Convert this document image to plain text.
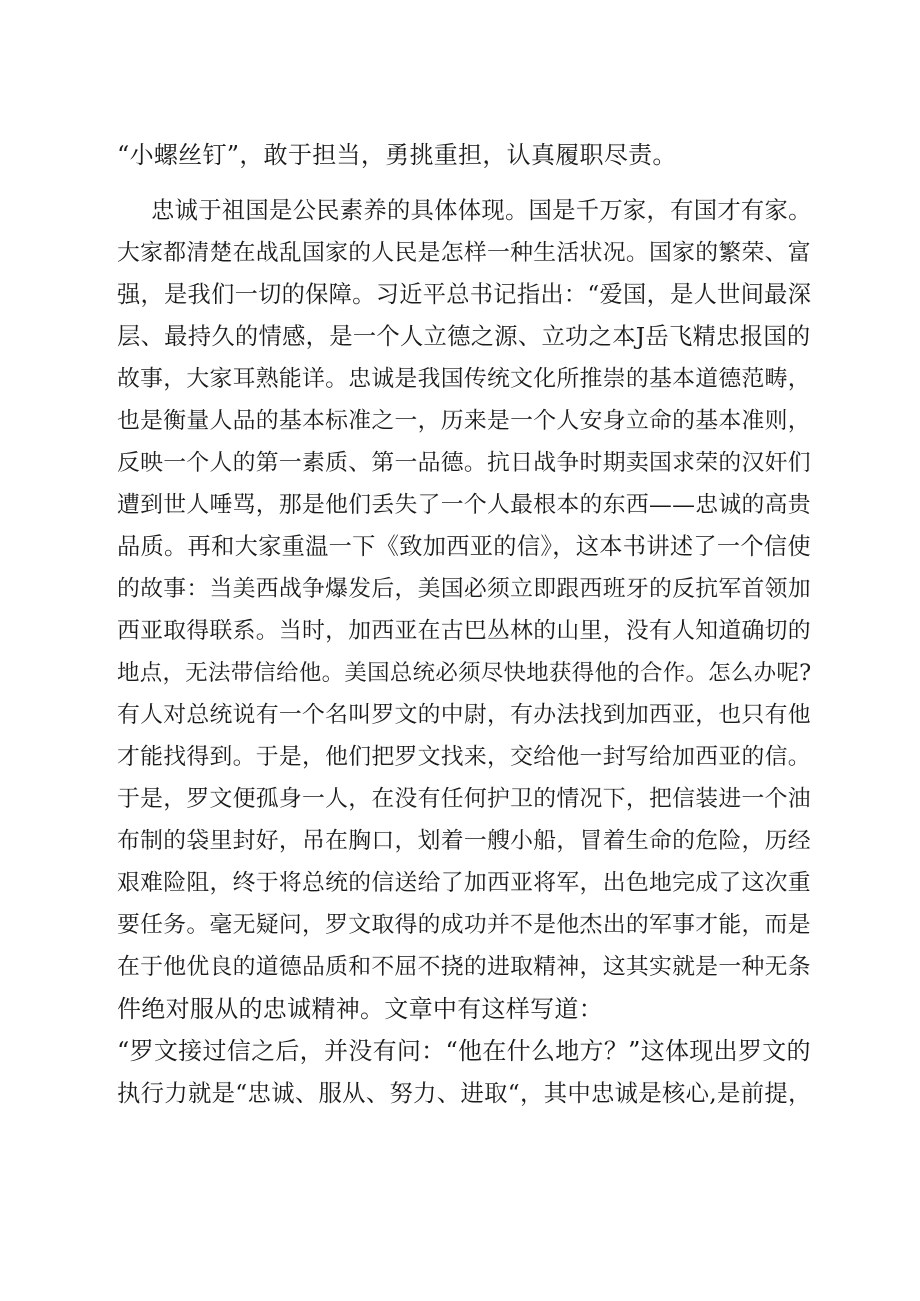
“小螺丝钉”，敢于担当，勇挑重担，认真履职尽责。
忠诚于祖国是公民素养的具体体现。国是千万家，有国才有家。
大家都清楚在战乱国家的人民是怎样一种生活状况。国家的繁荣、富
强，是我们一切的保障。习近平总书记指出：“爱国，是人世间最深
层、最持久的情感，是一个人立德之源、立功之本J岳飞精忠报国的
故事，大家耳熟能详。忠诚是我国传统文化所推崇的基本道德范畴，
也是衡量人品的基本标准之一，历来是一个人安身立命的基本准则，
反映一个人的第一素质、第一品德。抗日战争时期卖国求荣的汉奸们
遭到世人唾骂，那是他们丢失了一个人最根本的东西——忠诚的高贵
品质。再和大家重温一下《致加西亚的信》，这本书讲述了一个信使
的故事：当美西战争爆发后，美国必须立即跟西班牙的反抗军首领加
西亚取得联系。当时，加西亚在古巴丛林的山里，没有人知道确切的
地点，无法带信给他。美国总统必须尽快地获得他的合作。怎么办呢?
有人对总统说有一个名叫罗文的中尉，有办法找到加西亚，也只有他
才能找得到。于是，他们把罗文找来，交给他一封写给加西亚的信。
于是，罗文便孤身一人，在没有任何护卫的情况下，把信装进一个油
布制的袋里封好，吊在胸口，划着一艘小船，冒着生命的危险，历经
艰难险阻，终于将总统的信送给了加西亚将军，出色地完成了这次重
要任务。毫无疑问，罗文取得的成功并不是他杰出的军事才能，而是
在于他优良的道德品质和不屈不挠的进取精神，这其实就是一种无条
件绝对服从的忠诚精神。文章中有这样写道：
“罗文接过信之后，并没有问：“他在什么地方？”这体现出罗文的
执行力就是“忠诚、服从、努力、进取“，其中忠诚是核心,是前提，
